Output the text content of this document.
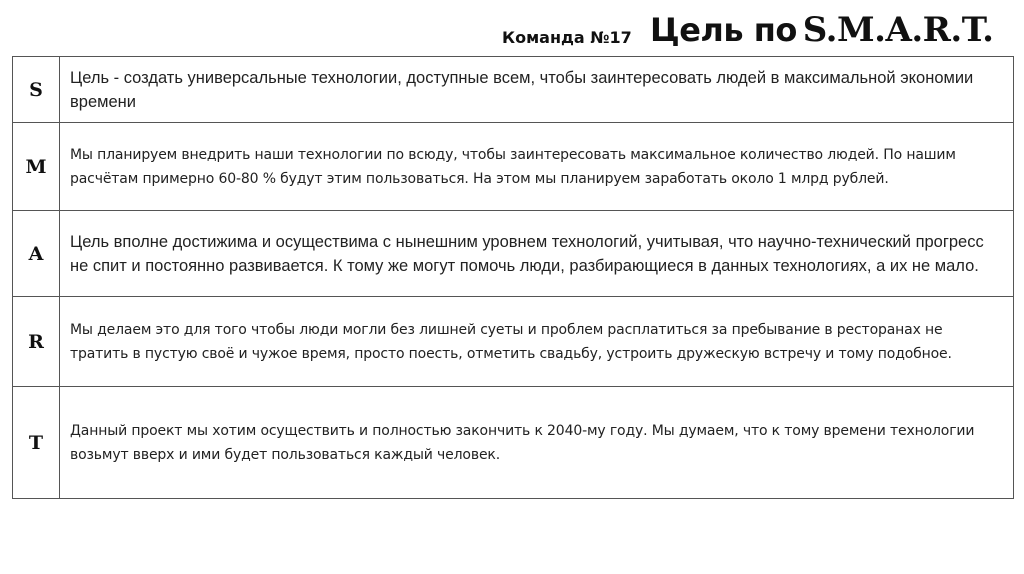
Команда №17 Цель по S.M.A.R.T.
S	Цель - создать универсальные технологии, доступные всем, чтобы заинтересовать людей в максимальной экономии времени
M	Мы планируем внедрить наши технологии по всюду, чтобы заинтересовать максимальное количество людей. По нашим расчётам примерно 60-80 % будут этим пользоваться. На этом мы планируем заработать около 1 млрд рублей.
A	Цель вполне достижима и осуществима с нынешним уровнем технологий, учитывая, что научно-технический прогресс не спит и постоянно развивается. К тому же могут помочь люди, разбирающиеся в данных технологиях, а их не мало.
R	Мы делаем это для того чтобы люди могли без лишней суеты и проблем расплатиться за пребывание в ресторанах не тратить в пустую своё и чужое время, просто поесть, отметить свадьбу, устроить дружескую встречу и тому подобное.
T	Данный проект мы хотим осуществить и полностью закончить к 2040-му году. Мы думаем, что к тому времени технологии возьмут вверх и ими будет пользоваться каждый человек.
